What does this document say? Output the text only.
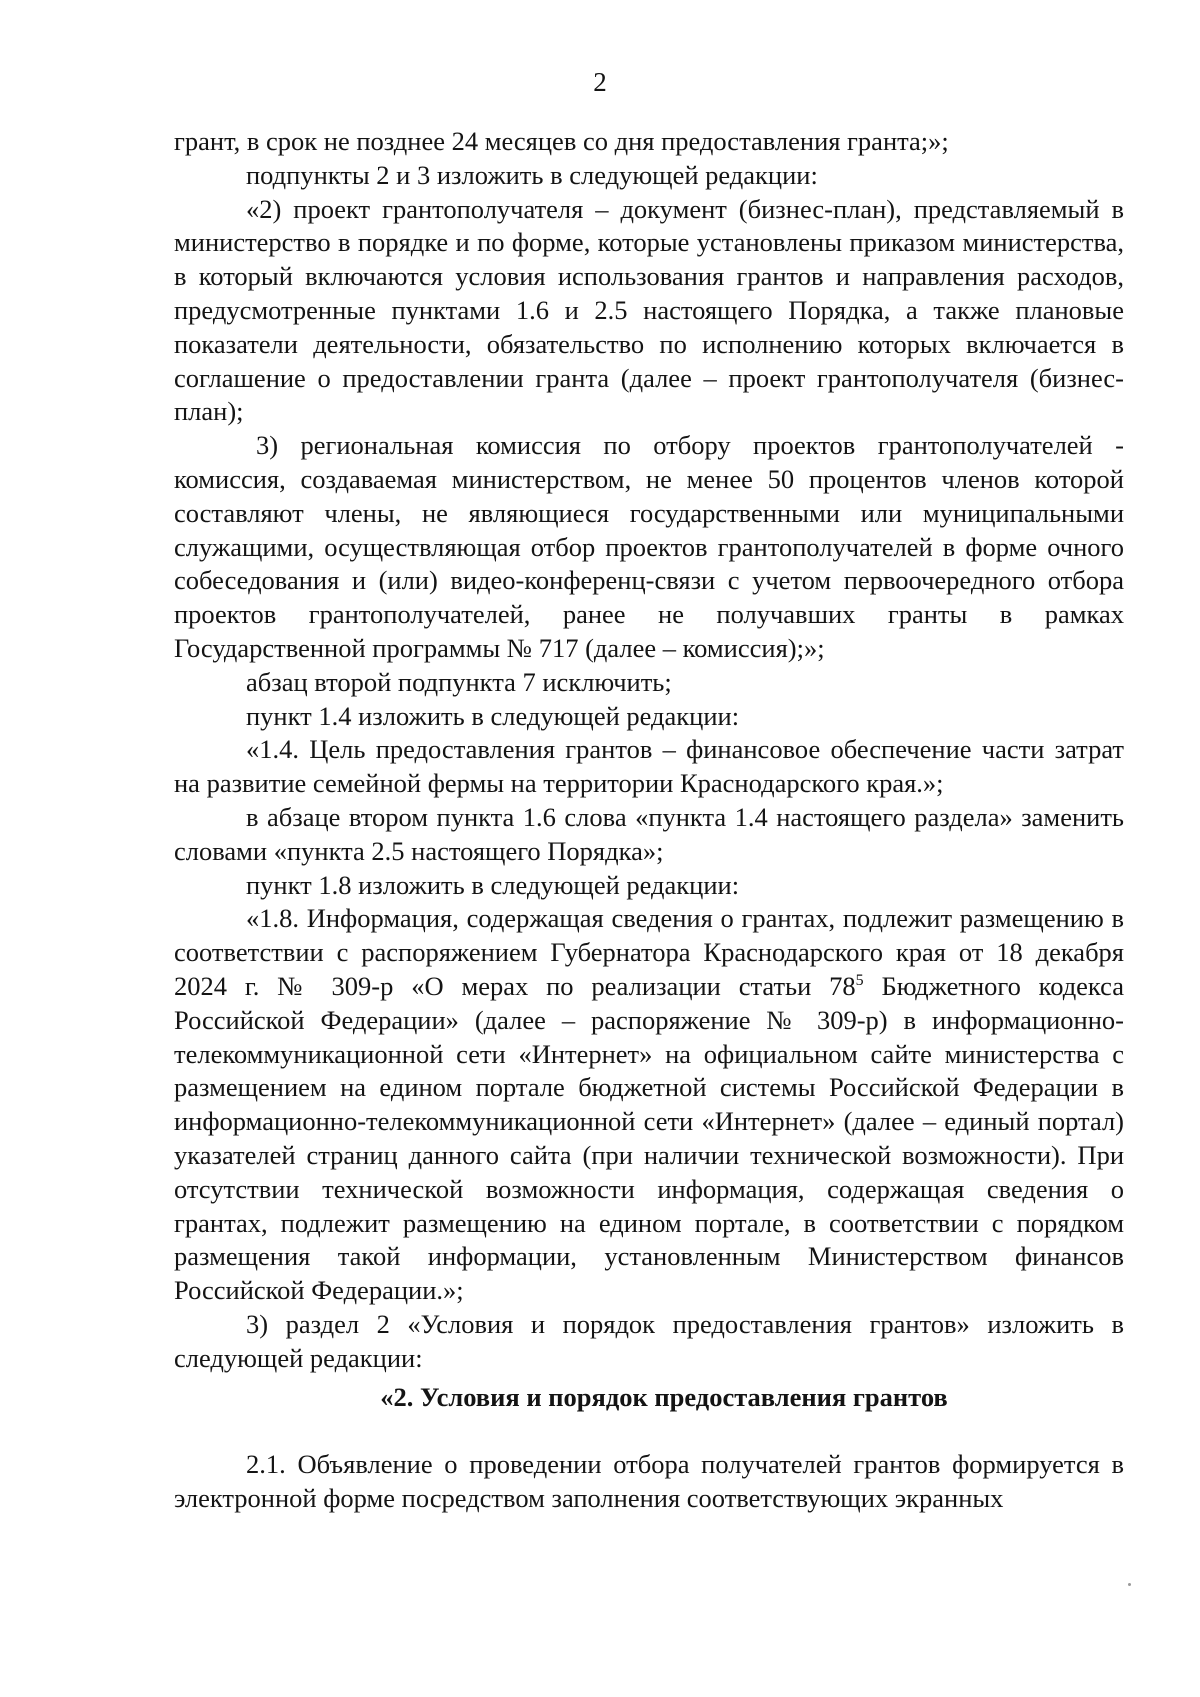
2

грант, в срок не позднее 24 месяцев со дня предоставления гранта;»;

подпункты 2 и 3 изложить в следующей редакции:

«2) проект грантополучателя – документ (бизнес-план), представляемый в министерство в порядке и по форме, которые установлены приказом министерства, в который включаются условия использования грантов и направления расходов, предусмотренные пунктами 1.6 и 2.5 настоящего Порядка, а также плановые показатели деятельности, обязательство по исполнению которых включается в соглашение о предоставлении гранта (далее – проект грантополучателя (бизнес-план);

3) региональная комиссия по отбору проектов грантополучателей - комиссия, создаваемая министерством, не менее 50 процентов членов которой составляют члены, не являющиеся государственными или муниципальными служащими, осуществляющая отбор проектов грантополучателей в форме очного собеседования и (или) видео-конференц-связи с учетом первоочередного отбора проектов грантополучателей, ранее не получавших гранты в рамках Государственной программы № 717 (далее – комиссия);»;

абзац второй подпункта 7 исключить;

пункт 1.4 изложить в следующей редакции:

«1.4. Цель предоставления грантов – финансовое обеспечение части затрат на развитие семейной фермы на территории Краснодарского края.»;

в абзаце втором пункта 1.6 слова «пункта 1.4 настоящего раздела» заменить словами «пункта 2.5 настоящего Порядка»;

пункт 1.8 изложить в следующей редакции:

«1.8. Информация, содержащая сведения о грантах, подлежит размещению в соответствии с распоряжением Губернатора Краснодарского края от 18 декабря 2024 г. № 309-р «О мерах по реализации статьи $78^5$ Бюджетного кодекса Российской Федерации» (далее – распоряжение № 309-р) в информационно-телекоммуникационной сети «Интернет» на официальном сайте министерства с размещением на едином портале бюджетной системы Российской Федерации в информационно-телекоммуникационной сети «Интернет» (далее – единый портал) указателей страниц данного сайта (при наличии технической возможности). При отсутствии технической возможности информация, содержащая сведения о грантах, подлежит размещению на едином портале, в соответствии с порядком размещения такой информации, установленным Министерством финансов Российской Федерации.»;

3) раздел 2 «Условия и порядок предоставления грантов» изложить в следующей редакции:

«2. Условия и порядок предоставления грантов

2.1. Объявление о проведении отбора получателей грантов формируется в электронной форме посредством заполнения соответствующих экранных
